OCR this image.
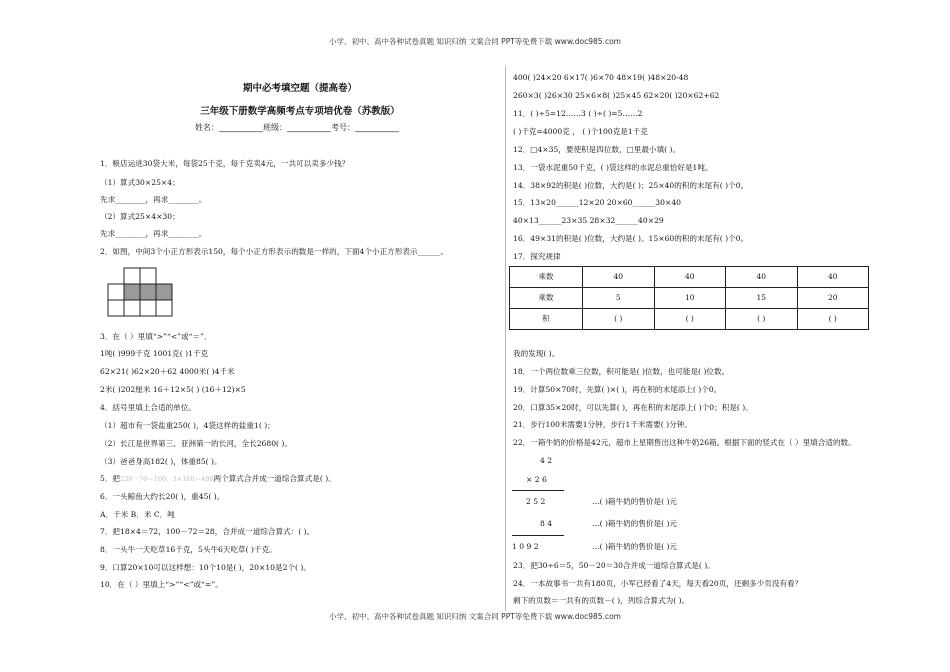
小学、初中、高中各种试卷真题 知识归纳 文案合同 PPT等免费下载 www.doc985.com
小学、初中、高中各种试卷真题 知识归纳 文案合同 PPT等免费下载 www.doc985.com
期中必考填空题（提高卷）
三年级下册数学高频考点专项培优卷（苏教版）
姓名：___________班级：___________考号：___________
1．粮店运进30袋大米，每袋25千克，每千克卖4元，一共可以卖多少钱？
（1）算式30×25×4；
先求________，再求________。
（2）算式25×4×30；
先求________，再求________。
2．如图，中间3个小正方形表示150，每个小正方形表示的数是一样的，下面4个小正方形表示______。
3．在（ ）里填“>”“<”或“＝”．
1吨( )999千克 1001克( )1千克
62×21( )62×20＋62 4000米( )4千米
2米( )202厘米 16＋12×5( ) (16＋12)×5
4．括号里填上合适的单位。
（1）超市有一袋盐重250( )，4袋这样的盐重1( )；
（2）长江是世界第三、亚洲第一的长河，全长2680( )。
（3）爸爸身高182( )，体重85( )。
5．把230－70＝160，3×160＝480两个算式合并成一道综合算式是( )。
6．一头鲸鱼大约长20( )，重45( )。
A．千米 B．米 C．吨
7．把18×4＝72，100－72＝28，合并成一道综合算式：( )。
8．一头牛一天吃草16千克，5头牛6天吃草( )千克。
9．口算20×10可以这样想：10个10是( )，20×10是2个( )。
10．在（ ）里填上“>”“<”或“=”。
400( )24×20 6×17( )6×70 48×19( )48×20-48
260×3( )26×30 25×6×8( )25×45 62×20( )20×62+62
11．( )÷5=12……3 ( )÷( )=5……2
( )千克=4000克 ， ( )个100克是1千克
12．□4×35，要使积是四位数，□里最小填( )。
13．一袋水泥重50千克，( )袋这样的水泥总重恰好是1吨。
14．38×92的积是( )位数，大约是( )；25×40的积的末尾有( )个0。
15．13×20______12×20 20×60______30×40
40×13______23×35 28×32______40×29
16．49×31的积是( )位数，大约是( )。15×60的积的末尾有( )个0。
17．探究规律
乘数	40	40	40	40
乘数	5	10	15	20
积	( )	( )	( )	( )
我的发现( )。
18．一个两位数乘三位数，积可能是( )位数，也可能是( )位数。
19．计算50×70时，先算( )×( )，再在积的末尾添上( )个0。
20．口算35×20时，可以先算( )，再在积的末尾添上( )个0；积是( )。
21．步行100米需要1分钟，步行1千米需要( )分钟。
22．一箱牛奶的价格是42元，超市上星期售出这种牛奶26箱。根据下面的竖式在（ ）里填合适的数。
4 2
× 2 6
2 5 2	…( )箱牛奶的售价是( )元
8 4	…( )箱牛奶的售价是( )元
1 0 9 2	…( )箱牛奶的售价是( )元
23．把30÷6＝5，50－20＝30合并成一道综合算式是( )。
24．一本故事书一共有180页，小军已经看了4天，每天看20页，还剩多少页没有看？
剩下的页数＝一共有的页数－( )，列综合算式为( )。
